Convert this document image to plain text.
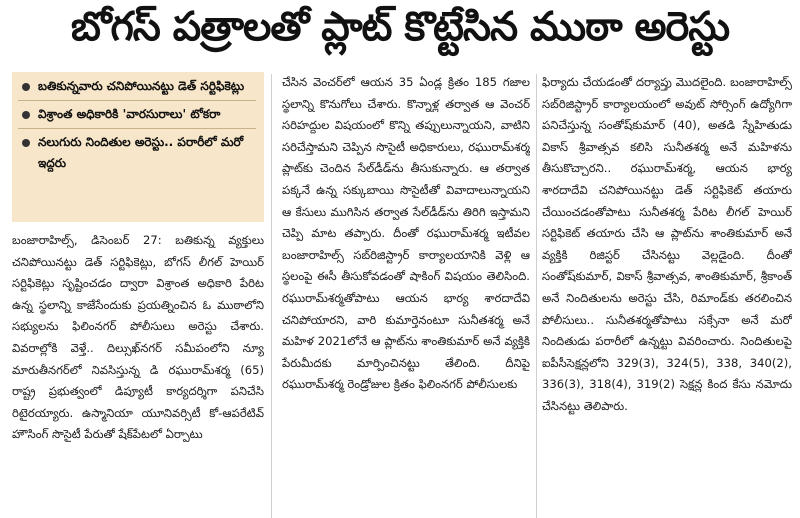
బోగస్ పత్రాలతో ప్లాట్ కొట్టేసిన ముఠా అరెస్టు
బతికున్నవారు చనిపోయినట్టు డెత్ సర్టిఫికెట్లు
విశ్రాంత అధికారికి 'వారసురాలు' టోకరా
నలుగురు నిందితుల అరెస్టు.. పరారీలో మరో ఇద్దరు

బంజారాహిల్స్, డిసెంబర్ 27: బతికున్న వ్యక్తులు చనిపోయినట్టు డెత్ సర్టిఫికెట్లు, బోగస్ లీగల్ హెయిర్ సర్టిఫికెట్లు సృష్టించడం ద్వారా విశ్రాంత అధికారి పేరిట ఉన్న స్థలాన్ని కాజేసేందుకు ప్రయత్నించిన ఓ ముఠాలోని సభ్యులను ఫిలింనగర్ పోలీసులు అరెస్టు చేశారు. వివరాల్లోకి వెళ్తే.. దిల్సుఖ్‌నగర్ సమీపంలోని న్యూ మారుతీనగర్‌లో నివసిస్తున్న డి రఘురామ్‌శర్మ (65) రాష్ట్ర ప్రభుత్వంలో డిప్యూటీ కార్యదర్శిగా పనిచేసి రిటైరయ్యారు. ఉస్మానియా యూనివర్సిటీ కో-ఆపరేటివ్ హౌసింగ్ సొసైటీ పేరుతో షేక్‌పేటలో ఏర్పాటు

చేసిన వెంచర్‌లో ఆయన 35 ఏండ్ల క్రితం 185 గజాల స్థలాన్ని కొనుగోలు చేశారు. కొన్నాళ్ల తర్వాత ఆ వెంచర్ సరిహద్దుల విషయంలో కొన్ని తప్పులున్నాయని, వాటిని సరిచేస్తామని చెప్పిన సొసైటీ అధికారులు, రఘురామ్‌శర్మ ప్లాట్‌కు చెందిన సేల్‌డీడ్‌ను తీసుకున్నారు. ఆ తర్వాత పక్కనే ఉన్న సక్కుబాయి సొసైటీతో వివాదాలున్నాయని ఆ కేసులు ముగిసిన తర్వాత సేల్‌డీడ్‌ను తిరిగి ఇస్తామని చెప్పి మాట తప్పారు. దీంతో రఘురామ్‌శర్మ ఇటీవల బంజారాహిల్స్ సబ్‌రిజిస్ట్రార్ కార్యాలయానికి వెళ్లి ఆ స్థలంపై ఈసీ తీసుకోవడంతో షాకింగ్ విషయం తెలిసింది. రఘురామ్‌శర్మతోపాటు ఆయన భార్య శారదాదేవి చనిపోయారని, వారి కుమార్తెనంటూ సునీతశర్మ అనే మహిళ 2021లోనే ఆ ప్లాట్‌ను శాంతికుమార్ అనే వ్యక్తికి పేరుమీదకు మార్పించినట్టు తేలింది. దీనిపై రఘురామ్‌శర్మ రెండ్రోజుల క్రితం ఫిలింనగర్ పోలీసులకు

ఫిర్యాదు చేయడంతో దర్యాప్తు మొదలైంది. బంజారాహిల్స్ సబ్‌రిజిస్ట్రార్ కార్యాలయంలో అవుట్ సోర్సింగ్ ఉద్యోగిగా పనిచేస్తున్న సంతోష్‌కుమార్ (40), అతడి స్నేహితుడు వికాస్ శ్రీవాత్సవ కలిసి సునీతశర్మ అనే మహిళను తీసుకొచ్చారని.. రఘురామ్‌శర్మ, ఆయన భార్య శారదాదేవి చనిపోయినట్టు డెత్ సర్టిఫికెట్ తయారు చేయించడంతోపాటు సునీతశర్మ పేరిట లీగల్ హెయిర్ సర్టిఫికెట్ తయారు చేసి ఆ ప్లాట్‌ను శాంతికుమార్ అనే వ్యక్తికి రిజిస్టర్ చేసినట్టు వెల్లడైంది. దీంతో సంతోష్‌కుమార్, వికాస్ శ్రీవాత్సవ, శాంతికుమార్, శ్రీకాంత్ అనే నిందితులను అరెస్టు చేసి, రిమాండ్‌కు తరలించిన పోలీసులు.. సునీతశర్మతోపాటు సక్సేనా అనే మరో నిందితుడు పరారీలో ఉన్నట్టు వివరించారు. నిందితులపై ఐపీసీసెక్షన్లలోని 329(3), 324(5), 338, 340(2), 336(3), 318(4), 319(2) సెక్షన్ల కింద కేసు నమోదు చేసినట్టు తెలిపారు.
